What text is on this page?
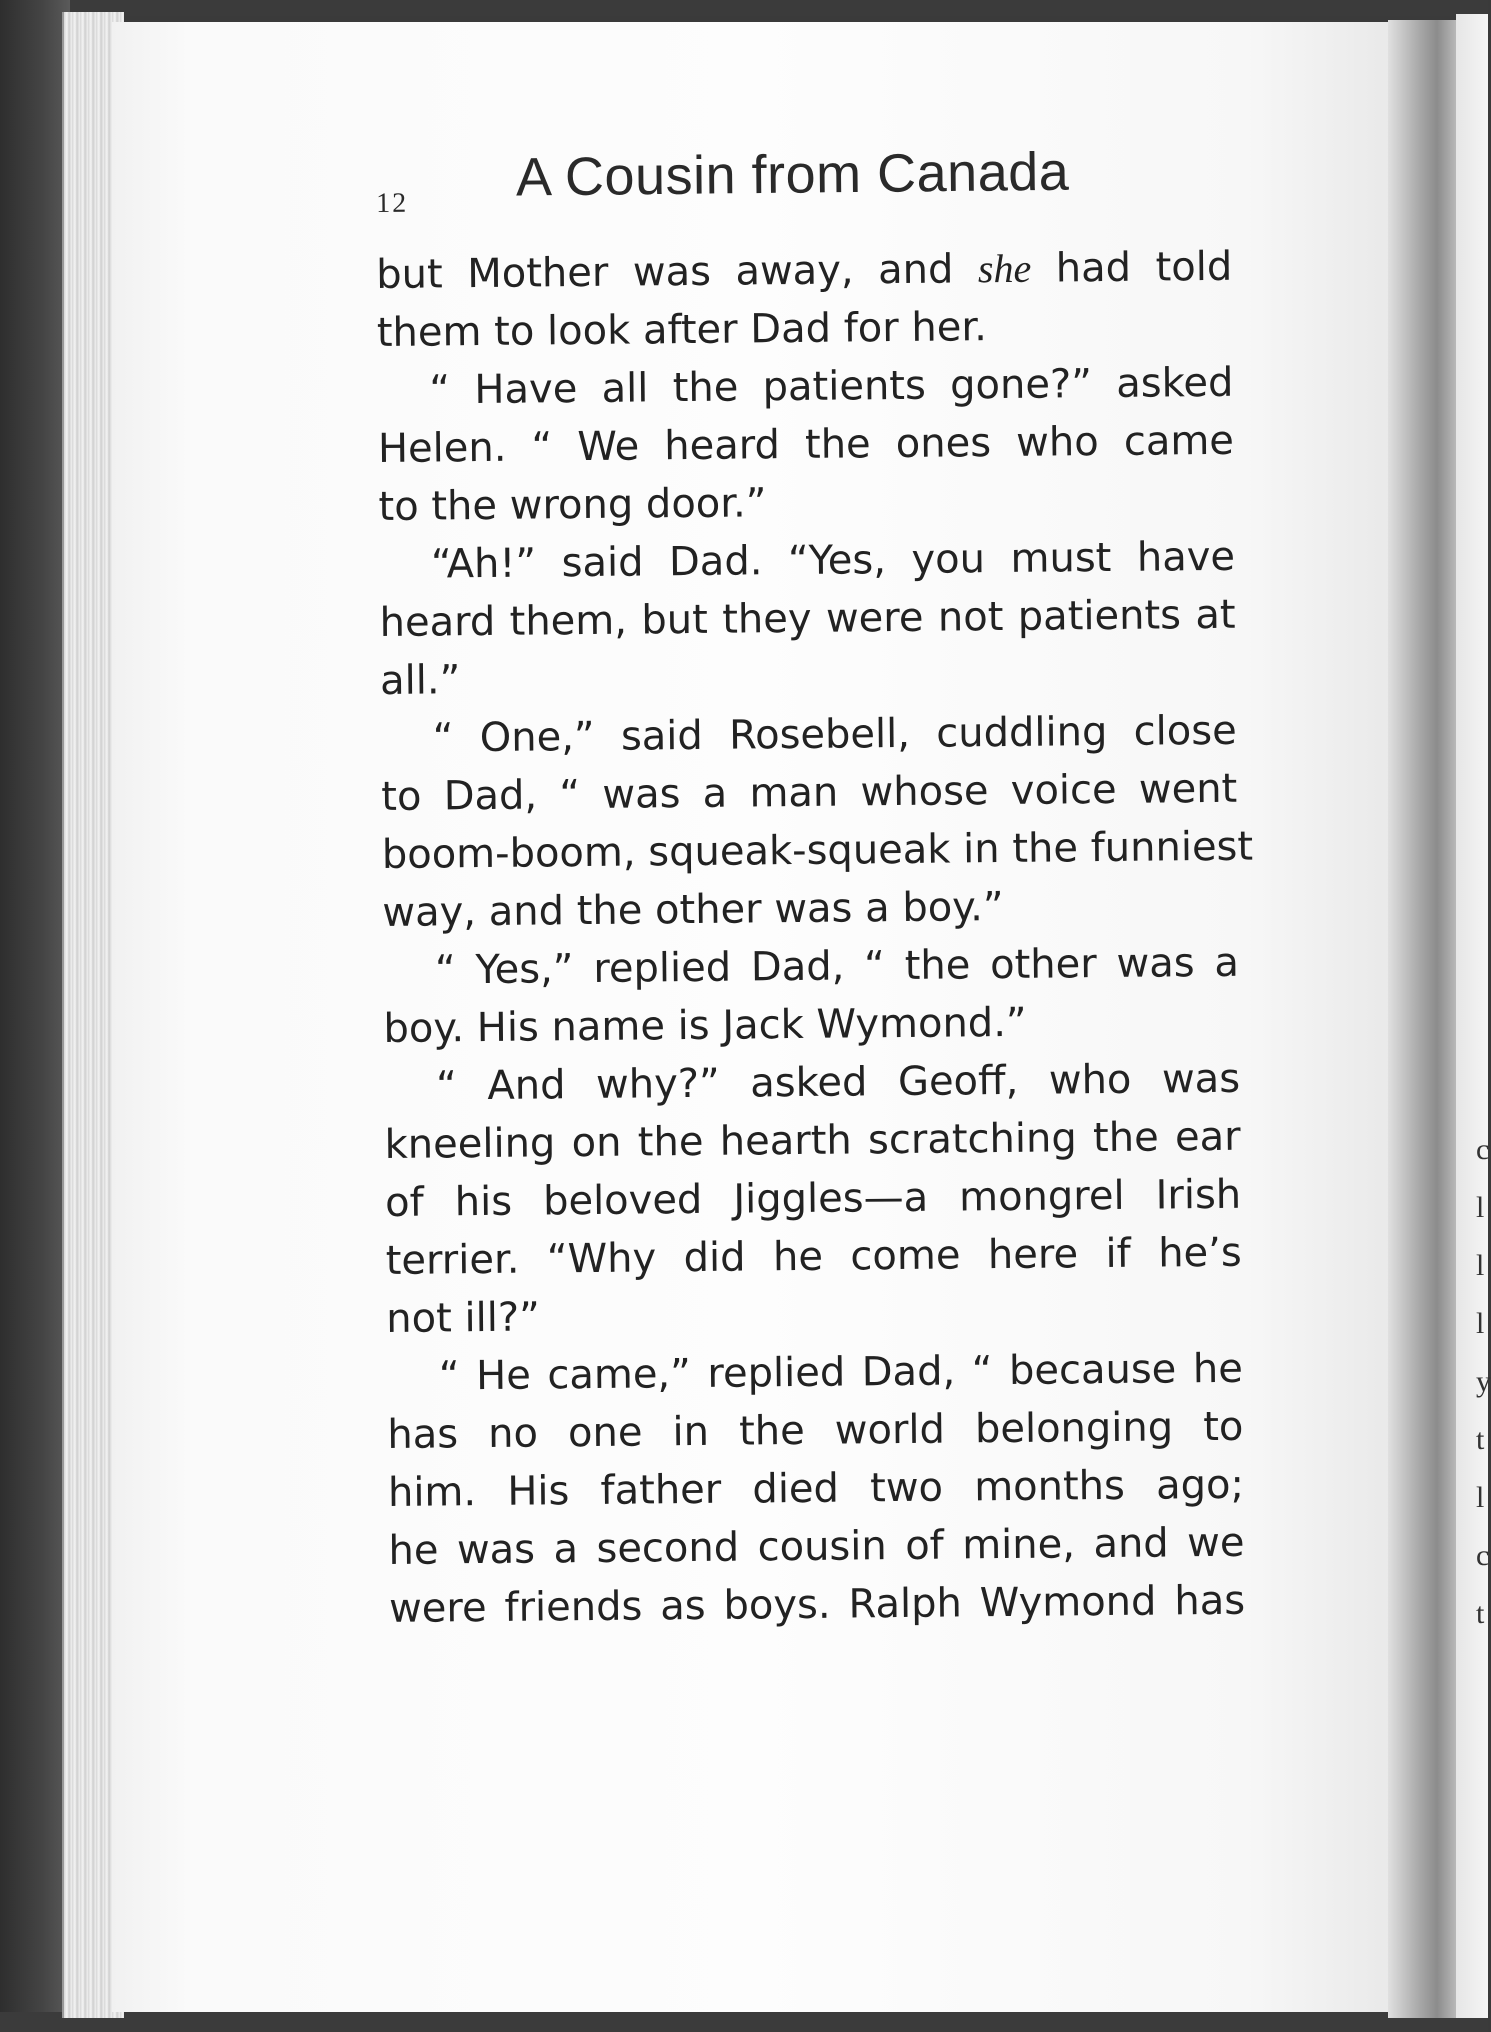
c
l
l
l
y
t
l
c
t
12 A Cousin from Canada
but Mother was away, and she had told
them to look after Dad for her.
“ Have all the patients gone?” asked
Helen. “ We heard the ones who came
to the wrong door.”
“Ah!” said Dad. “Yes, you must have
heard them, but they were not patients at
all.”
“ One,” said Rosebell, cuddling close
to Dad, “ was a man whose voice went
boom-boom, squeak-squeak in the funniest
way, and the other was a boy.”
“ Yes,” replied Dad, “ the other was a
boy. His name is Jack Wymond.”
“ And why?” asked Geoff, who was
kneeling on the hearth scratching the ear
of his beloved Jiggles—a mongrel Irish
terrier. “Why did he come here if he’s
not ill?”
“ He came,” replied Dad, “ because he
has no one in the world belonging to
him. His father died two months ago;
he was a second cousin of mine, and we
were friends as boys. Ralph Wymond has
